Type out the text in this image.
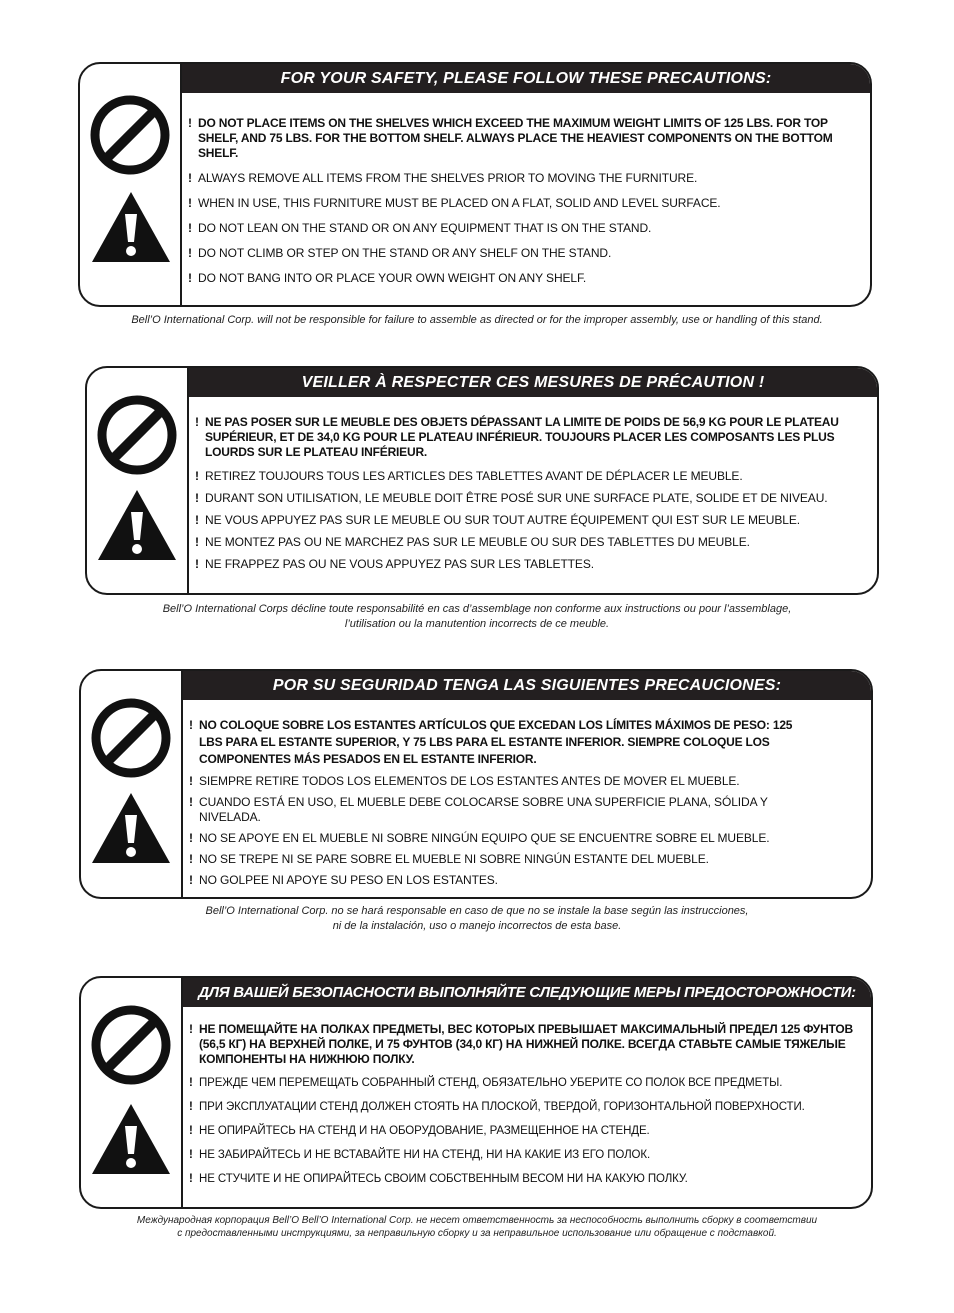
FOR YOUR SAFETY, PLEASE FOLLOW THESE PRECAUTIONS:

! DO NOT PLACE ITEMS ON THE SHELVES WHICH EXCEED THE MAXIMUM WEIGHT LIMITS OF 125 LBS. FOR TOP SHELF, AND 75 LBS. FOR THE BOTTOM SHELF. ALWAYS PLACE THE HEAVIEST COMPONENTS ON THE BOTTOM SHELF.

! ALWAYS REMOVE ALL ITEMS FROM THE SHELVES PRIOR TO MOVING THE FURNITURE.

! WHEN IN USE, THIS FURNITURE MUST BE PLACED ON A FLAT, SOLID AND LEVEL SURFACE.

! DO NOT LEAN ON THE STAND OR ON ANY EQUIPMENT THAT IS ON THE STAND.

! DO NOT CLIMB OR STEP ON THE STAND OR ANY SHELF ON THE STAND.

! DO NOT BANG INTO OR PLACE YOUR OWN WEIGHT ON ANY SHELF.

Bell’O International Corp. will not be responsible for failure to assemble as directed or for the improper assembly, use or handling of this stand.
VEILLER À RESPECTER CES MESURES DE PRÉCAUTION !

! NE PAS POSER SUR LE MEUBLE DES OBJETS DÉPASSANT LA LIMITE DE POIDS DE 56,9 KG POUR LE PLATEAU SUPÉRIEUR, ET DE 34,0 KG POUR LE PLATEAU INFÉRIEUR. TOUJOURS PLACER LES COMPOSANTS LES PLUS LOURDS SUR LE PLATEAU INFÉRIEUR.

! RETIREZ TOUJOURS TOUS LES ARTICLES DES TABLETTES AVANT DE DÉPLACER LE MEUBLE.

! DURANT SON UTILISATION, LE MEUBLE DOIT ÊTRE POSÉ SUR UNE SURFACE PLATE, SOLIDE ET DE NIVEAU.

! NE VOUS APPUYEZ PAS SUR LE MEUBLE OU SUR TOUT AUTRE ÉQUIPEMENT QUI EST SUR LE MEUBLE.

! NE MONTEZ PAS OU NE MARCHEZ PAS SUR LE MEUBLE OU SUR DES TABLETTES DU MEUBLE.

! NE FRAPPEZ PAS OU NE VOUS APPUYEZ PAS SUR LES TABLETTES.

Bell’O International Corps décline toute responsabilité en cas d’assemblage non conforme aux instructions ou pour l’assemblage,
l’utilisation ou la manutention incorrects de ce meuble.
POR SU SEGURIDAD TENGA LAS SIGUIENTES PRECAUCIONES:

! NO COLOQUE SOBRE LOS ESTANTES ARTÍCULOS QUE EXCEDAN LOS LÍMITES MÁXIMOS DE PESO: 125 LBS PARA EL ESTANTE SUPERIOR, Y 75 LBS PARA EL ESTANTE INFERIOR. SIEMPRE COLOQUE LOS COMPONENTES MÁS PESADOS EN EL ESTANTE INFERIOR.

! SIEMPRE RETIRE TODOS LOS ELEMENTOS DE LOS ESTANTES ANTES DE MOVER EL MUEBLE.

! CUANDO ESTÁ EN USO, EL MUEBLE DEBE COLOCARSE SOBRE UNA SUPERFICIE PLANA, SÓLIDA Y NIVELADA.

! NO SE APOYE EN EL MUEBLE NI SOBRE NINGÚN EQUIPO QUE SE ENCUENTRE SOBRE EL MUEBLE.

! NO SE TREPE NI SE PARE SOBRE EL MUEBLE NI SOBRE NINGÚN ESTANTE DEL MUEBLE.

! NO GOLPEE NI APOYE SU PESO EN LOS ESTANTES.

Bell’O International Corp. no se hará responsable en caso de que no se instale la base según las instrucciones,
ni de la instalación, uso o manejo incorrectos de esta base.
ДЛЯ ВАШЕЙ БЕЗОПАСНОСТИ ВЫПОЛНЯЙТЕ СЛЕДУЮЩИЕ МЕРЫ ПРЕДОСТОРОЖНОСТИ:

! НЕ ПОМЕЩАЙТЕ НА ПОЛКАХ ПРЕДМЕТЫ, ВЕС КОТОРЫХ ПРЕВЫШАЕТ МАКСИМАЛЬНЫЙ ПРЕДЕЛ 125 ФУНТОВ (56,5 КГ) НА ВЕРХНЕЙ ПОЛКЕ, И 75 ФУНТОВ (34,0 КГ) НА НИЖНЕЙ ПОЛКЕ. ВСЕГДА СТАВЬТЕ САМЫЕ ТЯЖЕЛЫЕ КОМПОНЕНТЫ НА НИЖНЮЮ ПОЛКУ.

! ПРЕЖДЕ ЧЕМ ПЕРЕМЕЩАТЬ СОБРАННЫЙ СТЕНД, ОБЯЗАТЕЛЬНО УБЕРИТЕ СО ПОЛОК ВСЕ ПРЕДМЕТЫ.

! ПРИ ЭКСПЛУАТАЦИИ СТЕНД ДОЛЖЕН СТОЯТЬ НА ПЛОСКОЙ, ТВЕРДОЙ, ГОРИЗОНТАЛЬНОЙ ПОВЕРХНОСТИ.

! НЕ ОПИРАЙТЕСЬ НА СТЕНД И НА ОБОРУДОВАНИЕ, РАЗМЕЩЕННОЕ НА СТЕНДЕ.

! НЕ ЗАБИРАЙТЕСЬ И НЕ ВСТАВАЙТЕ НИ НА СТЕНД, НИ НА КАКИЕ ИЗ ЕГО ПОЛОК.

! НЕ СТУЧИТЕ И НЕ ОПИРАЙТЕСЬ СВОИМ СОБСТВЕННЫМ ВЕСОМ НИ НА КАКУЮ ПОЛКУ.

Международная корпорация Bell’O Bell’O International Corp. не несет ответственность за неспособность выполнить сборку в соответствии
с предоставленными инструкциями, за неправильную сборку и за неправильное использование или обращение с подставкой.
